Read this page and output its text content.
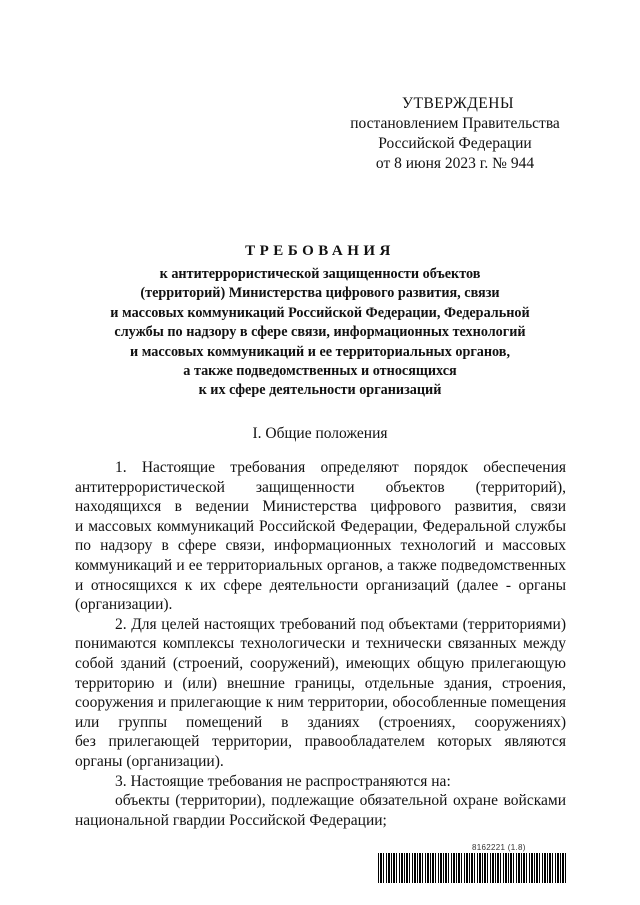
УТВЕРЖДЕНЫ
постановлением Правительства
Российской Федерации
от 8 июня 2023 г. № 944
ТРЕБОВАНИЯ
к антитеррористической защищенности объектов
(территорий) Министерства цифрового развития, связи
и массовых коммуникаций Российской Федерации, Федеральной
службы по надзору в сфере связи, информационных технологий
и массовых коммуникаций и ее территориальных органов,
а также подведомственных и относящихся
к их сфере деятельности организаций
I. Общие положения

1. Настоящие требования определяют порядок обеспечения
антитеррористической защищенности объектов (территорий),
находящихся в ведении Министерства цифрового развития, связи
и массовых коммуникаций Российской Федерации, Федеральной службы
по надзору в сфере связи, информационных технологий и массовых
коммуникаций и ее территориальных органов, а также подведомственных
и относящихся к их сфере деятельности организаций (далее - органы
(организации).

2. Для целей настоящих требований под объектами (территориями)
понимаются комплексы технологически и технически связанных между
собой зданий (строений, сооружений), имеющих общую прилегающую
территорию и (или) внешние границы, отдельные здания, строения,
сооружения и прилегающие к ним территории, обособленные помещения
или группы помещений в зданиях (строениях, сооружениях)
без прилегающей территории, правообладателем которых являются
органы (организации).

3. Настоящие требования не распространяются на:

объекты (территории), подлежащие обязательной охране войсками
национальной гвардии Российской Федерации;

8162221 (1.8)
